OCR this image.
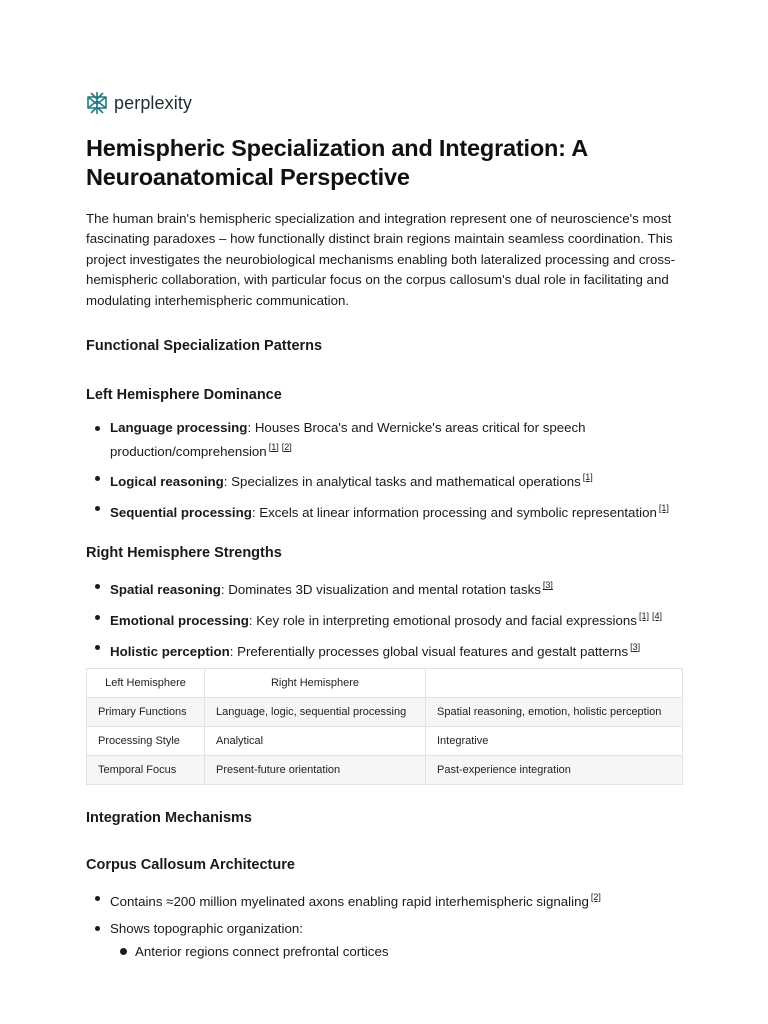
perplexity
Hemispheric Specialization and Integration: A Neuroanatomical Perspective

The human brain's hemispheric specialization and integration represent one of neuroscience's most fascinating paradoxes – how functionally distinct brain regions maintain seamless coordination. This project investigates the neurobiological mechanisms enabling both lateralized processing and cross-hemispheric collaboration, with particular focus on the corpus callosum's dual role in facilitating and modulating interhemispheric communication.

Functional Specialization Patterns
Left Hemisphere Dominance
Language processing: Houses Broca's and Wernicke's areas critical for speech production/comprehension [1] [2]
Logical reasoning: Specializes in analytical tasks and mathematical operations [1]
Sequential processing: Excels at linear information processing and symbolic representation [1]
Right Hemisphere Strengths
Spatial reasoning: Dominates 3D visualization and mental rotation tasks [3]
Emotional processing: Key role in interpreting emotional prosody and facial expressions [1] [4]
Holistic perception: Preferentially processes global visual features and gestalt patterns [3]
Left Hemisphere	Right Hemisphere	
Primary Functions	Language, logic, sequential processing	Spatial reasoning, emotion, holistic perception
Processing Style	Analytical	Integrative
Temporal Focus	Present-future orientation	Past-experience integration
Integration Mechanisms
Corpus Callosum Architecture
Contains ≈200 million myelinated axons enabling rapid interhemispheric signaling [2]
Shows topographic organization:
Anterior regions connect prefrontal cortices
